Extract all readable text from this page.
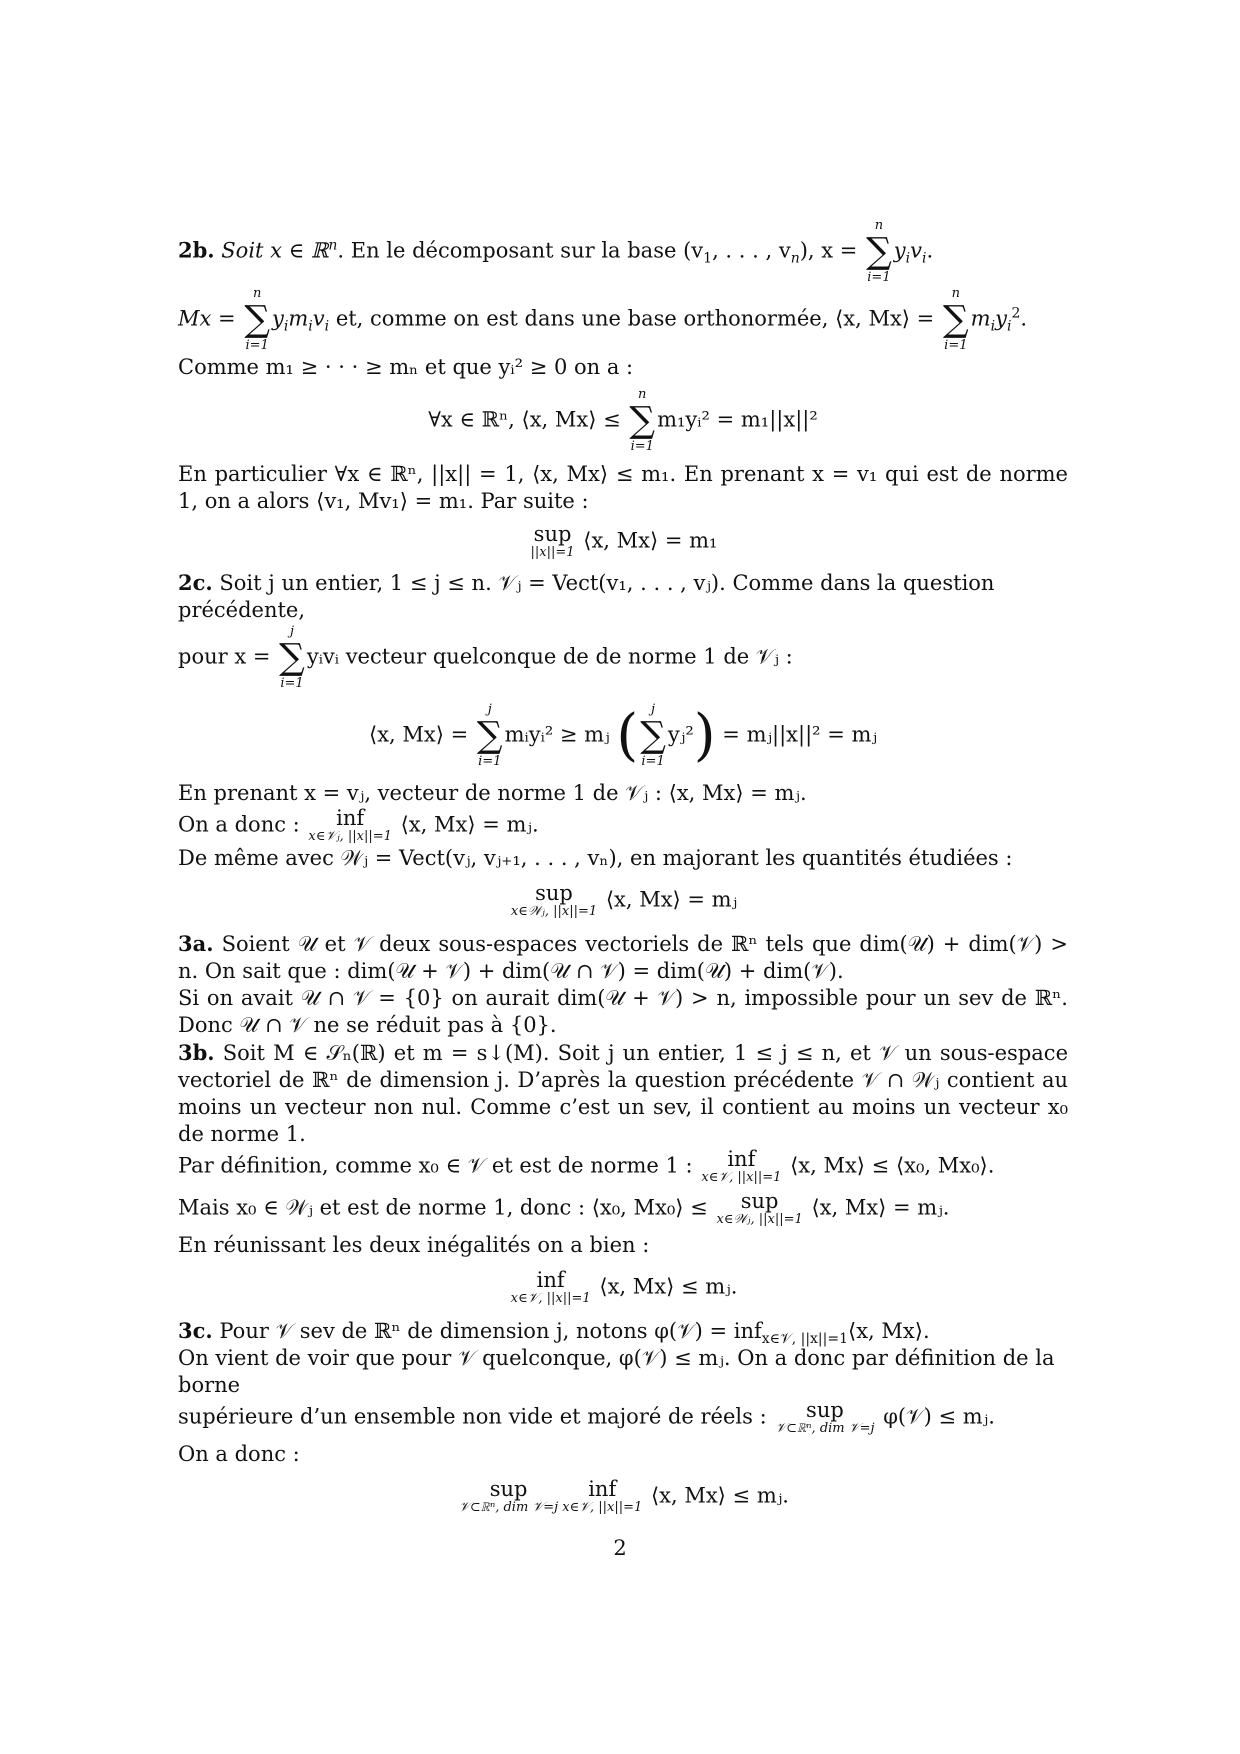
2b. Soit x ∈ ℝ$^n$. En le décomposant sur la base ($v_1$, . . . , $v_n$), x =
n
∑
i=1
$y_iv_i$.

Mx =
n
∑
i=1
$y_im_iv_i$ et, comme on est dans une base orthonormée, ⟨x, Mx⟩ =
n
∑
i=1
$m_iy_i^2$.

Comme m₁ ≥ · · · ≥ mₙ et que yᵢ² ≥ 0 on a :

∀x ∈ ℝⁿ, ⟨x, Mx⟩ ≤
n
∑
i=1
m₁yᵢ² = m₁||x||²

En particulier ∀x ∈ ℝⁿ, ||x|| = 1, ⟨x, Mx⟩ ≤ m₁. En prenant x = v₁ qui est de norme 1, on a alors ⟨v₁, Mv₁⟩ = m₁. Par suite :

sup
||x||=1 ⟨x, Mx⟩ = m₁

2c. Soit j un entier, 1 ≤ j ≤ n. 𝒱ⱼ = Vect(v₁, . . . , vⱼ). Comme dans la question précédente,

pour x =
j
∑
i=1
yᵢvᵢ vecteur quelconque de de norme 1 de 𝒱ⱼ :

⟨x, Mx⟩ =
j
∑
i=1
mᵢyᵢ² ≥ mⱼ ( j
∑
i=1
yⱼ²) = mⱼ||x||² = mⱼ

En prenant x = vⱼ, vecteur de norme 1 de 𝒱ⱼ : ⟨x, Mx⟩ = mⱼ.

On a donc : inf
x∈𝒱ⱼ, ||x||=1 ⟨x, Mx⟩ = mⱼ.

De même avec 𝒲ⱼ = Vect(vⱼ, vⱼ₊₁, . . . , vₙ), en majorant les quantités étudiées :

sup
x∈𝒲ⱼ, ||x||=1 ⟨x, Mx⟩ = mⱼ

3a. Soient 𝒰 et 𝒱 deux sous-espaces vectoriels de ℝⁿ tels que dim(𝒰) + dim(𝒱) > n. On sait que : dim(𝒰 + 𝒱) + dim(𝒰 ∩ 𝒱) = dim(𝒰) + dim(𝒱).

Si on avait 𝒰 ∩ 𝒱 = {0} on aurait dim(𝒰 + 𝒱) > n, impossible pour un sev de ℝⁿ. Donc 𝒰 ∩ 𝒱 ne se réduit pas à {0}.

3b. Soit M ∈ 𝒮ₙ(ℝ) et m = s↓(M). Soit j un entier, 1 ≤ j ≤ n, et 𝒱 un sous-espace vectoriel de ℝⁿ de dimension j. D’après la question précédente 𝒱 ∩ 𝒲ⱼ contient au moins un vecteur non nul. Comme c’est un sev, il contient au moins un vecteur x₀ de norme 1.

Par définition, comme x₀ ∈ 𝒱 et est de norme 1 : inf
x∈𝒱, ||x||=1 ⟨x, Mx⟩ ≤ ⟨x₀, Mx₀⟩.

Mais x₀ ∈ 𝒲ⱼ et est de norme 1, donc : ⟨x₀, Mx₀⟩ ≤ sup
x∈𝒲ⱼ, ||x||=1 ⟨x, Mx⟩ = mⱼ.

En réunissant les deux inégalités on a bien :

inf
x∈𝒱, ||x||=1 ⟨x, Mx⟩ ≤ mⱼ.

3c. Pour 𝒱 sev de ℝⁿ de dimension j, notons φ(𝒱) = inf$_{x\in 𝒱, ||x||=1}$⟨x, Mx⟩.

On vient de voir que pour 𝒱 quelconque, φ(𝒱) ≤ mⱼ. On a donc par définition de la borne

supérieure d’un ensemble non vide et majoré de réels : sup
𝒱⊂ℝⁿ, dim 𝒱=j φ(𝒱) ≤ mⱼ.

On a donc :

sup
𝒱⊂ℝⁿ, dim 𝒱=j
inf
x∈𝒱, ||x||=1 ⟨x, Mx⟩ ≤ mⱼ.
2
